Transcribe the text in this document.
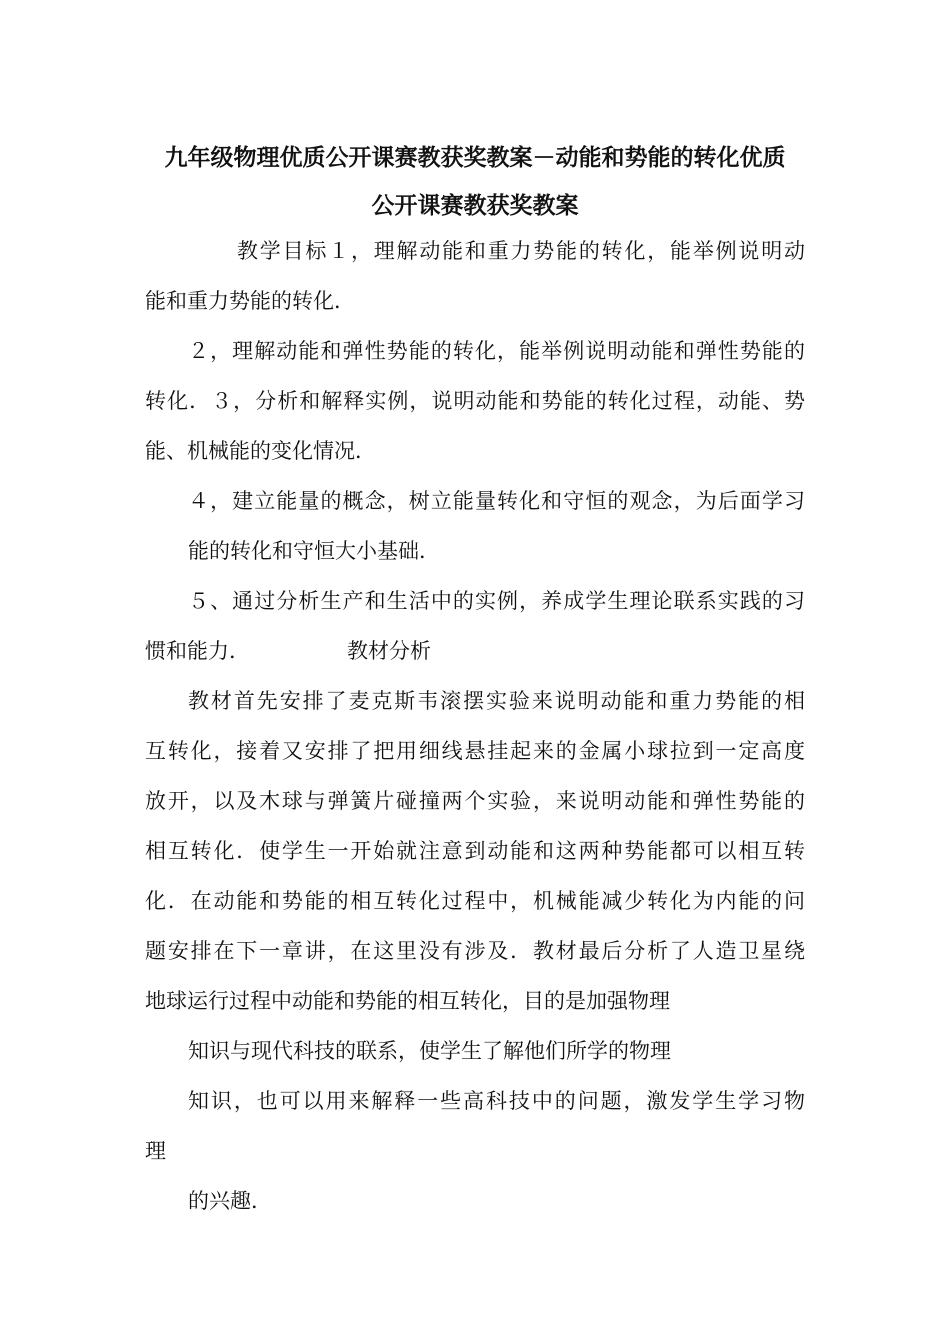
九年级物理优质公开课赛教获奖教案－动能和势能的转化优质
公开课赛教获奖教案
教学目标１，理解动能和重力势能的转化，能举例说明动
能和重力势能的转化．
２，理解动能和弹性势能的转化，能举例说明动能和弹性势能的
转化．３，分析和解释实例，说明动能和势能的转化过程，动能、势
能、机械能的变化情况．
４，建立能量的概念，树立能量转化和守恒的观念，为后面学习
能的转化和守恒大小基础．
５、通过分析生产和生活中的实例，养成学生理论联系实践的习
惯和能力．	教材分析
教材首先安排了麦克斯韦滚摆实验来说明动能和重力势能的相
互转化，接着又安排了把用细线悬挂起来的金属小球拉到一定高度
放开，以及木球与弹簧片碰撞两个实验，来说明动能和弹性势能的
相互转化．使学生一开始就注意到动能和这两种势能都可以相互转
化．在动能和势能的相互转化过程中，机械能减少转化为内能的问
题安排在下一章讲，在这里没有涉及．教材最后分析了人造卫星绕
地球运行过程中动能和势能的相互转化，目的是加强物理
知识与现代科技的联系，使学生了解他们所学的物理
知识，也可以用来解释一些高科技中的问题，激发学生学习物
理
的兴趣．
